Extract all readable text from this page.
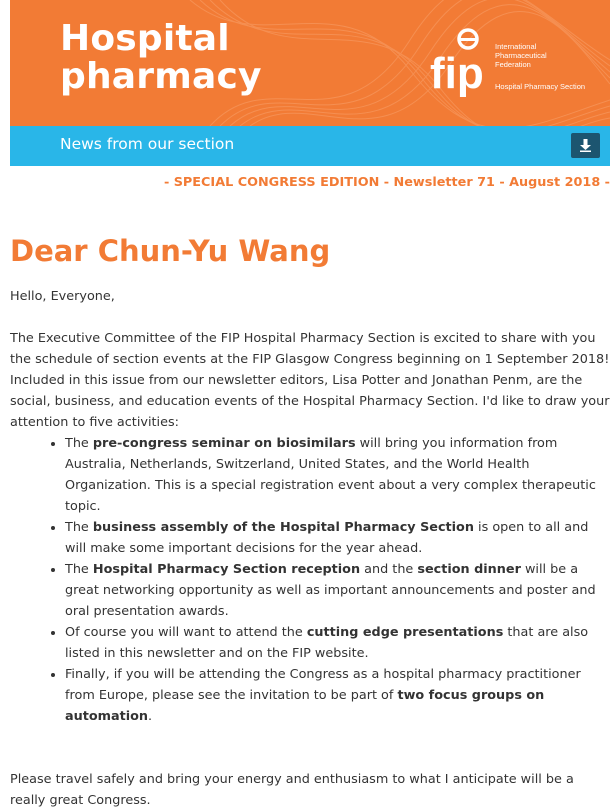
Hospital
pharmacy	fip
International
Pharmaceutical
Federation
Hospital Pharmacy Section
News from our section
- SPECIAL CONGRESS EDITION - Newsletter 71 - August 2018 -
Dear Chun-Yu Wang

Hello, Everyone,

The Executive Committee of the FIP Hospital Pharmacy Section is excited to share with you the schedule of section events at the FIP Glasgow Congress beginning on 1 September 2018! Included in this issue from our newsletter editors, Lisa Potter and Jonathan Penm, are the social, business, and education events of the Hospital Pharmacy Section. I'd like to draw your attention to five activities:

• The pre-congress seminar on biosimilars will bring you information from Australia, Netherlands, Switzerland, United States, and the World Health Organization. This is a special registration event about a very complex therapeutic topic.
• The business assembly of the Hospital Pharmacy Section is open to all and will make some important decisions for the year ahead.
• The Hospital Pharmacy Section reception and the section dinner will be a great networking opportunity as well as important announcements and poster and oral presentation awards.
• Of course you will want to attend the cutting edge presentations that are also listed in this newsletter and on the FIP website.
• Finally, if you will be attending the Congress as a hospital pharmacy practitioner from Europe, please see the invitation to be part of two focus groups on automation.

Please travel safely and bring your energy and enthusiasm to what I anticipate will be a really great Congress.
